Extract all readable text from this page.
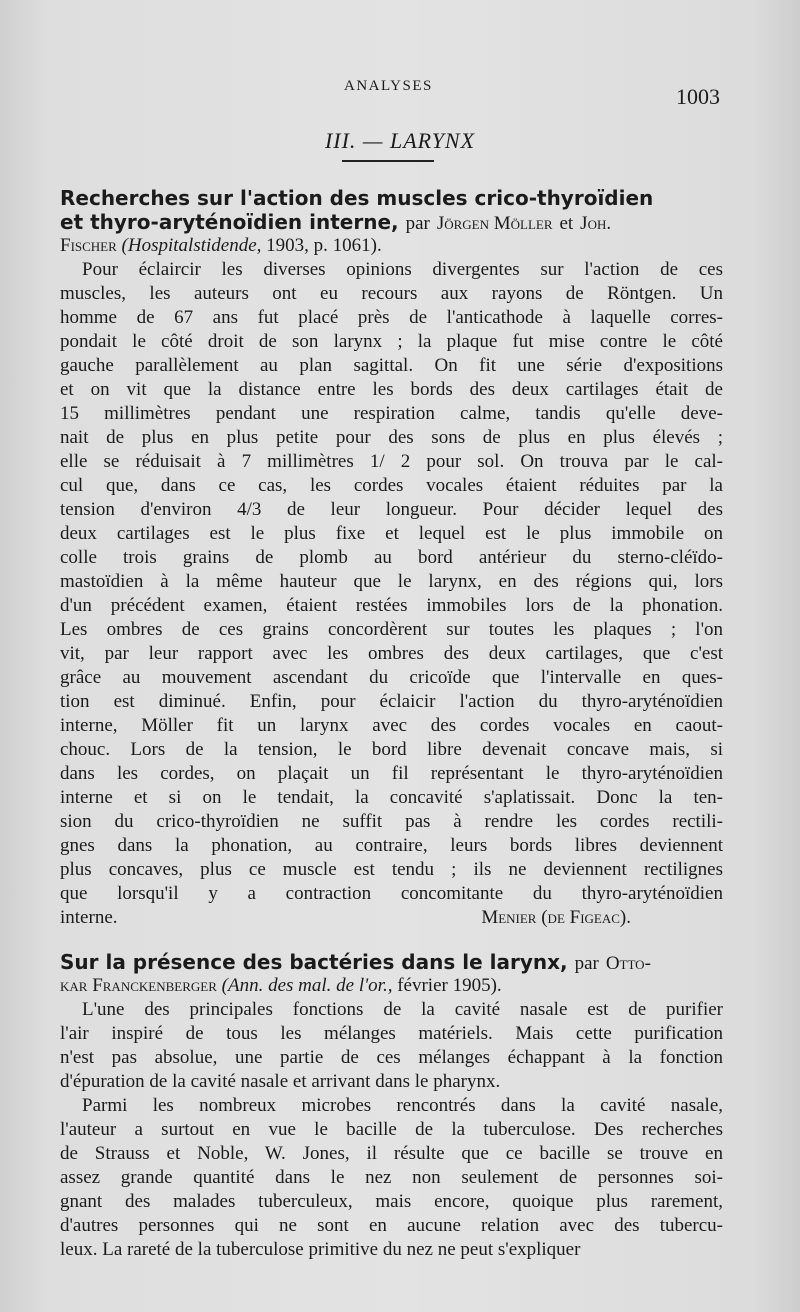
ANALYSES	1003
III. — LARYNX
Recherches sur l'action des muscles crico-thyroïdien
et thyro-aryténoïdien interne, par Jörgen Möller et Joh.
Fischer (Hospitalstidende, 1903, p. 1061).
Pour éclaircir les diverses opinions divergentes sur l'action de ces
muscles, les auteurs ont eu recours aux rayons de Röntgen. Un
homme de 67 ans fut placé près de l'anticathode à laquelle corres-
pondait le côté droit de son larynx ; la plaque fut mise contre le côté
gauche parallèlement au plan sagittal. On fit une série d'expositions
et on vit que la distance entre les bords des deux cartilages était de
15 millimètres pendant une respiration calme, tandis qu'elle deve-
nait de plus en plus petite pour des sons de plus en plus élevés ;
elle se réduisait à 7 millimètres 1/ 2 pour sol. On trouva par le cal-
cul que, dans ce cas, les cordes vocales étaient réduites par la
tension d'environ 4/3 de leur longueur. Pour décider lequel des
deux cartilages est le plus fixe et lequel est le plus immobile on
colle trois grains de plomb au bord antérieur du sterno-cléïdo-
mastoïdien à la même hauteur que le larynx, en des régions qui, lors
d'un précédent examen, étaient restées immobiles lors de la phonation.
Les ombres de ces grains concordèrent sur toutes les plaques ; l'on
vit, par leur rapport avec les ombres des deux cartilages, que c'est
grâce au mouvement ascendant du cricoïde que l'intervalle en ques-
tion est diminué. Enfin, pour éclaicir l'action du thyro-aryténoïdien
interne, Möller fit un larynx avec des cordes vocales en caout-
chouc. Lors de la tension, le bord libre devenait concave mais, si
dans les cordes, on plaçait un fil représentant le thyro-aryténoïdien
interne et si on le tendait, la concavité s'aplatissait. Donc la ten-
sion du crico-thyroïdien ne suffit pas à rendre les cordes rectili-
gnes dans la phonation, au contraire, leurs bords libres deviennent
plus concaves, plus ce muscle est tendu ; ils ne deviennent rectilignes
que lorsqu'il y a contraction concomitante du thyro-aryténoïdien
interne.	Menier (de Figeac).
Sur la présence des bactéries dans le larynx, par Otto-
kar Franckenberger (Ann. des mal. de l'or., février 1905).
L'une des principales fonctions de la cavité nasale est de purifier
l'air inspiré de tous les mélanges matériels. Mais cette purification
n'est pas absolue, une partie de ces mélanges échappant à la fonction
d'épuration de la cavité nasale et arrivant dans le pharynx.
Parmi les nombreux microbes rencontrés dans la cavité nasale,
l'auteur a surtout en vue le bacille de la tuberculose. Des recherches
de Strauss et Noble, W. Jones, il résulte que ce bacille se trouve en
assez grande quantité dans le nez non seulement de personnes soi-
gnant des malades tuberculeux, mais encore, quoique plus rarement,
d'autres personnes qui ne sont en aucune relation avec des tubercu-
leux. La rareté de la tuberculose primitive du nez ne peut s'expliquer
